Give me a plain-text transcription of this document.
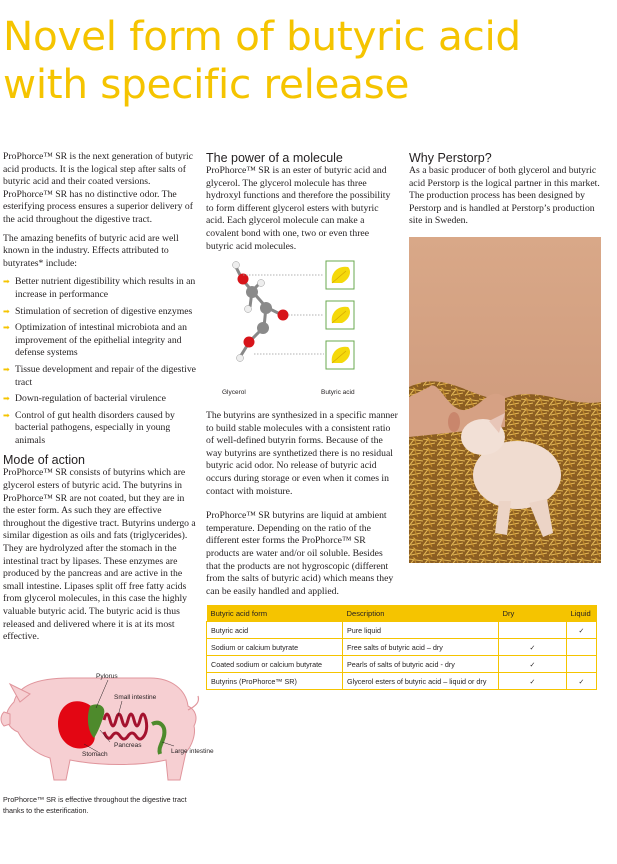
Novel form of butyric acid
with specific release

ProPhorce™ SR is the next generation of butyric acid products. It is the logical step after salts of butyric acid and their coated versions. ProPhorce™ SR has no distinctive odor. The esterifying process ensures a superior delivery of the acid throughout the digestive tract.

The amazing benefits of butyric acid are well known in the industry. Effects attributed to butyrates* include:

➡ Better nutrient digestibility which results in an increase in performance
➡ Stimulation of secretion of digestive enzymes
➡ Optimization of intestinal microbiota and an improvement of the epithelial integrity and defense systems
➡ Tissue development and repair of the digestive tract
➡ Down-regulation of bacterial virulence
➡ Control of gut health disorders caused by bacterial pathogens, especially in young animals
Mode of action

ProPhorce™ SR consists of butyrins which are glycerol esters of butyric acid. The butyrins in ProPhorce™ SR are not coated, but they are in the ester form. As such they are effective throughout the digestive tract. Butyrins undergo a similar digestion as oils and fats (triglycerides). They are hydrolyzed after the stomach in the intestinal tract by lipases. These enzymes are produced by the pancreas and are active in the small intestine. Lipases split off free fatty acids from glycerol molecules, in this case the highly valuable butyric acid. The butyric acid is thus released and delivered where it is at its most effective.

Pylorus
Small intestine
Pancreas
Stomach	Large intestine
ProPhorce™ SR is effective throughout the digestive tract thanks to the esterification.
The power of a molecule

ProPhorce™ SR is an ester of butyric acid and glycerol. The glycerol molecule has three hydroxyl functions and therefore the possibility to form different glycerol esters with butyric acid. Each glycerol molecule can make a covalent bond with one, two or even three butyric acid molecules.

Glycerol	Butyric acid

The butyrins are synthesized in a specific manner to build stable molecules with a consistent ratio of well-defined butyrin forms. Because of the way butyrins are synthetized there is no residual butyric acid odor. No release of butyric acid occurs during storage or even when it comes in contact with moisture.

ProPhorce™ SR butyrins are liquid at ambient temperature. Depending on the ratio of the different ester forms the ProPhorce™ SR products are water and/or oil soluble. Besides that the products are not hygroscopic (different from the salts of butyric acid) which means they can be easily handled and applied.

Why Perstorp?

As a basic producer of both glycerol and butyric acid Perstorp is the logical partner in this market. The production process has been designed by Perstorp and is handled at Perstorp’s production site in Sweden.

Butyric acid form	Description	Dry	Liquid
Butyric acid	Pure liquid		✓
Sodium or calcium butyrate	Free salts of butyric acid – dry	✓	
Coated sodium or calcium butyrate	Pearls of salts of butyric acid - dry	✓	
Butyrins (ProPhorce™ SR)	Glycerol esters of butyric acid – liquid or dry	✓	✓
